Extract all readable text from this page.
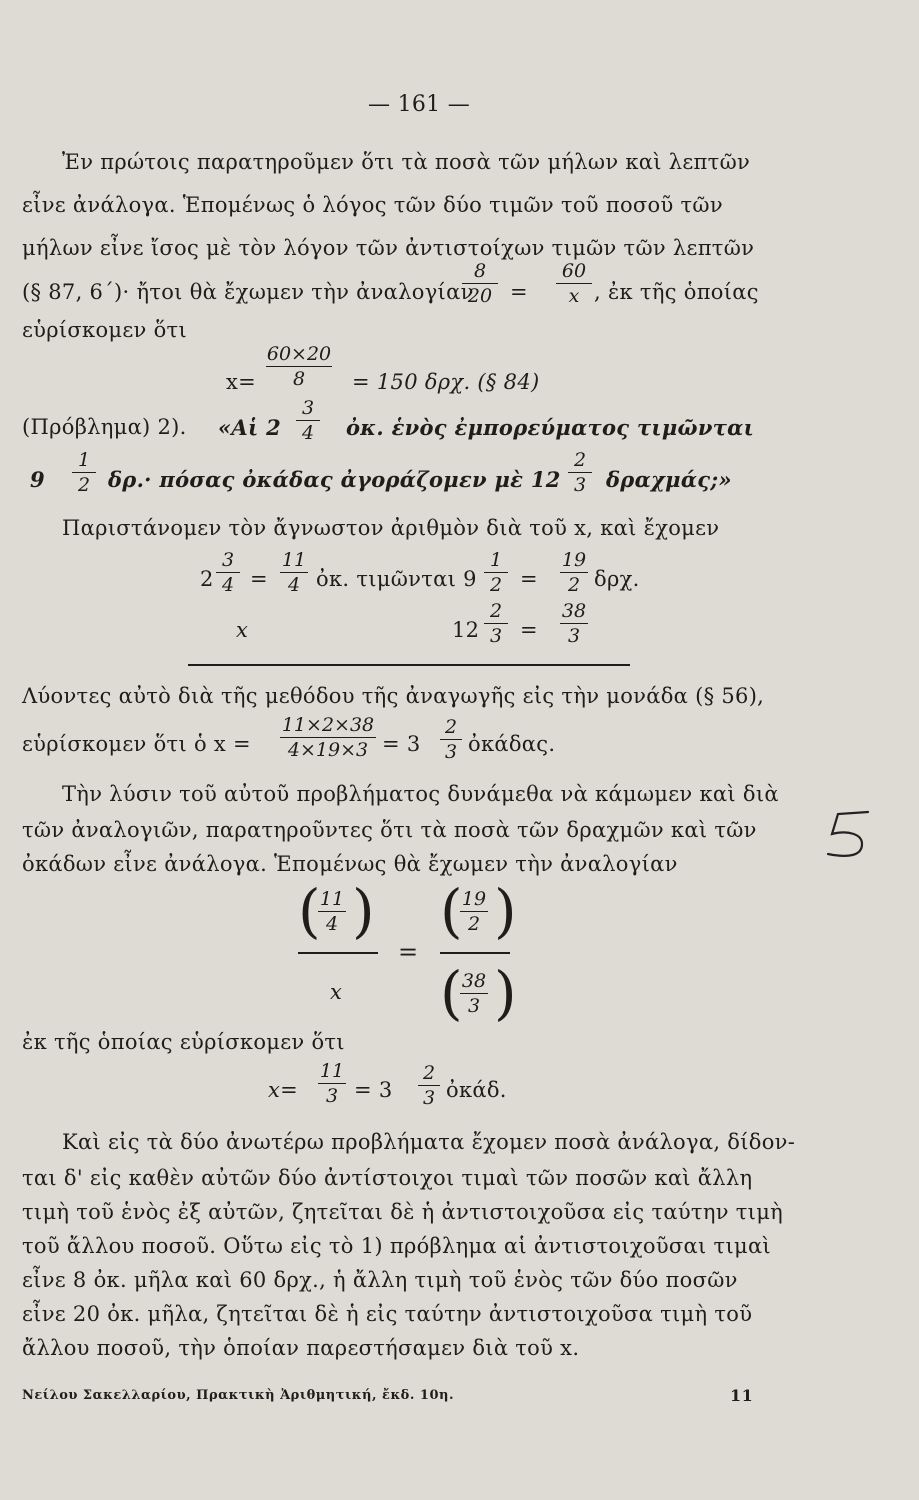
— 161 —
Ἐν πρώτοις παρατηροῦμεν ὅτι τὰ ποσὰ τῶν μήλων καὶ λεπτῶν
εἶνε ἀνάλογα. Ἑπομένως ὁ λόγος τῶν δύο τιμῶν τοῦ ποσοῦ τῶν
μήλων εἶνε ἴσος μὲ τὸν λόγον τῶν ἀντιστοίχων τιμῶν τῶν λεπτῶν
(§ 87, 6΄)· ἤτοι θὰ ἔχωμεν τὴν ἀναλογίαν
8
20 =
60
x , ἐκ τῆς ὁποίας
εὑρίσκομεν ὅτι
x=
60×20
8	= 150 δρχ. (§ 84)
(Πρόβλημα) 2). «Αἱ 2
3
4 ὀκ. ἑνὸς ἐμπορεύματος τιμῶνται
9
1
2 δρ.· πόσας ὀκάδας ἀγοράζομεν μὲ 12
2
3 δραχμάς;»
Παριστάνομεν τὸν ἄγνωστον ἀριθμὸν διὰ τοῦ x, καὶ ἔχομεν
2
3
4 =
11
4 ὀκ. τιμῶνται 9
1
2 =
19
2 δρχ.
x	12
2
3 =
38
3
Λύοντες αὐτὸ διὰ τῆς μεθόδου τῆς ἀναγωγῆς εἰς τὴν μονάδα (§ 56),
εὑρίσκομεν ὅτι ὁ x =
11×2×38
4×19×3 = 3
2
3 ὀκάδας.
Τὴν λύσιν τοῦ αὐτοῦ προβλήματος δυνάμεθα νὰ κάμωμεν καὶ διὰ
τῶν ἀναλογιῶν, παρατηροῦντες ὅτι τὰ ποσὰ τῶν δραχμῶν καὶ τῶν
ὀκάδων εἶνε ἀνάλογα. Ἑπομένως θὰ ἔχωμεν τὴν ἀναλογίαν
( 11
4 ) ( 19
2 )
=
x ( 38
3 )
ἐκ τῆς ὁποίας εὑρίσκομεν ὅτι
x=
11
3 = 3
2
3 ὀκάδ.
Καὶ εἰς τὰ δύο ἀνωτέρω προβλήματα ἔχομεν ποσὰ ἀνάλογα, δίδον-
ται δ' εἰς καθὲν αὐτῶν δύο ἀντίστοιχοι τιμαὶ τῶν ποσῶν καὶ ἄλλη
τιμὴ τοῦ ἑνὸς ἐξ αὐτῶν, ζητεῖται δὲ ἡ ἀντιστοιχοῦσα εἰς ταύτην τιμὴ
τοῦ ἄλλου ποσοῦ. Οὕτω εἰς τὸ 1) πρόβλημα αἱ ἀντιστοιχοῦσαι τιμαὶ
εἶνε 8 ὀκ. μῆλα καὶ 60 δρχ., ἡ ἄλλη τιμὴ τοῦ ἑνὸς τῶν δύο ποσῶν
εἶνε 20 ὀκ. μῆλα, ζητεῖται δὲ ἡ εἰς ταύτην ἀντιστοιχοῦσα τιμὴ τοῦ
ἄλλου ποσοῦ, τὴν ὁποίαν παρεστήσαμεν διὰ τοῦ x.
Νείλου Σακελλαρίου, Πρακτικὴ Ἀριθμητική, ἔκδ. 10η.	11
